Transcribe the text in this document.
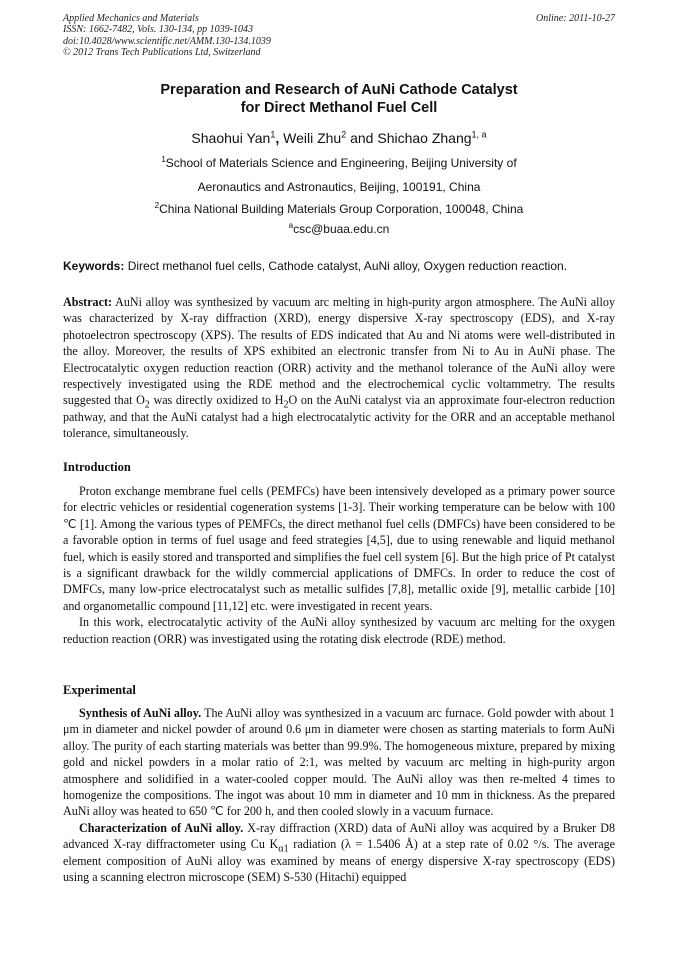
Applied Mechanics and Materials
ISSN: 1662-7482, Vols. 130-134, pp 1039-1043
doi:10.4028/www.scientific.net/AMM.130-134.1039
© 2012 Trans Tech Publications Ltd, Switzerland
Online: 2011-10-27
Preparation and Research of AuNi Cathode Catalyst
for Direct Methanol Fuel Cell
Shaohui Yan$^1$, Weili Zhu$^2$ and Shichao Zhang$^{1, a}$
$^1$School of Materials Science and Engineering, Beijing University of
Aeronautics and Astronautics, Beijing, 100191, China
$^2$China National Building Materials Group Corporation, 100048, China
$^a$csc@buaa.edu.cn
Keywords: Direct methanol fuel cells, Cathode catalyst, AuNi alloy, Oxygen reduction reaction.

Abstract: AuNi alloy was synthesized by vacuum arc melting in high-purity argon atmosphere. The AuNi alloy was characterized by X-ray diffraction (XRD), energy dispersive X-ray spectroscopy (EDS), and X-ray photoelectron spectroscopy (XPS). The results of EDS indicated that Au and Ni atoms were well-distributed in the alloy. Moreover, the results of XPS exhibited an electronic transfer from Ni to Au in AuNi phase. The Electrocatalytic oxygen reduction reaction (ORR) activity and the methanol tolerance of the AuNi alloy were respectively investigated using the RDE method and the electrochemical cyclic voltammetry. The results suggested that $O_2$ was directly oxidized to $H_2O$ on the AuNi catalyst via an approximate four-electron reduction pathway, and that the AuNi catalyst had a high electrocatalytic activity for the ORR and an acceptable methanol tolerance, simultaneously.

Introduction

Proton exchange membrane fuel cells (PEMFCs) have been intensively developed as a primary power source for electric vehicles or residential cogeneration systems [1-3]. Their working temperature can be below with 100 ℃ [1]. Among the various types of PEMFCs, the direct methanol fuel cells (DMFCs) have been considered to be a favorable option in terms of fuel usage and feed strategies [4,5], due to using renewable and liquid methanol fuel, which is easily stored and transported and simplifies the fuel cell system [6]. But the high price of Pt catalyst is a significant drawback for the wildly commercial applications of DMFCs. In order to reduce the cost of DMFCs, many low-price electrocatalyst such as metallic sulfides [7,8], metallic oxide [9], metallic carbide [10] and organometallic compound [11,12] etc. were investigated in recent years.

In this work, electrocatalytic activity of the AuNi alloy synthesized by vacuum arc melting for the oxygen reduction reaction (ORR) was investigated using the rotating disk electrode (RDE) method.

Experimental

Synthesis of AuNi alloy. The AuNi alloy was synthesized in a vacuum arc furnace. Gold powder with about 1 μm in diameter and nickel powder of around 0.6 μm in diameter were chosen as starting materials to form AuNi alloy. The purity of each starting materials was better than 99.9%. The homogeneous mixture, prepared by mixing gold and nickel powders in a molar ratio of 2:1, was melted by vacuum arc melting in high-purity argon atmosphere and solidified in a water-cooled copper mould. The AuNi alloy was then re-melted 4 times to homogenize the compositions. The ingot was about 10 mm in diameter and 10 mm in thickness. As the prepared AuNi alloy was heated to 650 ℃ for 200 h, and then cooled slowly in a vacuum furnace.

Characterization of AuNi alloy. X-ray diffraction (XRD) data of AuNi alloy was acquired by a Bruker D8 advanced X-ray diffractometer using Cu $K_{\alpha 1}$ radiation (λ = 1.5406 Å) at a step rate of 0.02 °/s. The average element composition of AuNi alloy was examined by means of energy dispersive X-ray spectroscopy (EDS) using a scanning electron microscope (SEM) S-530 (Hitachi) equipped
